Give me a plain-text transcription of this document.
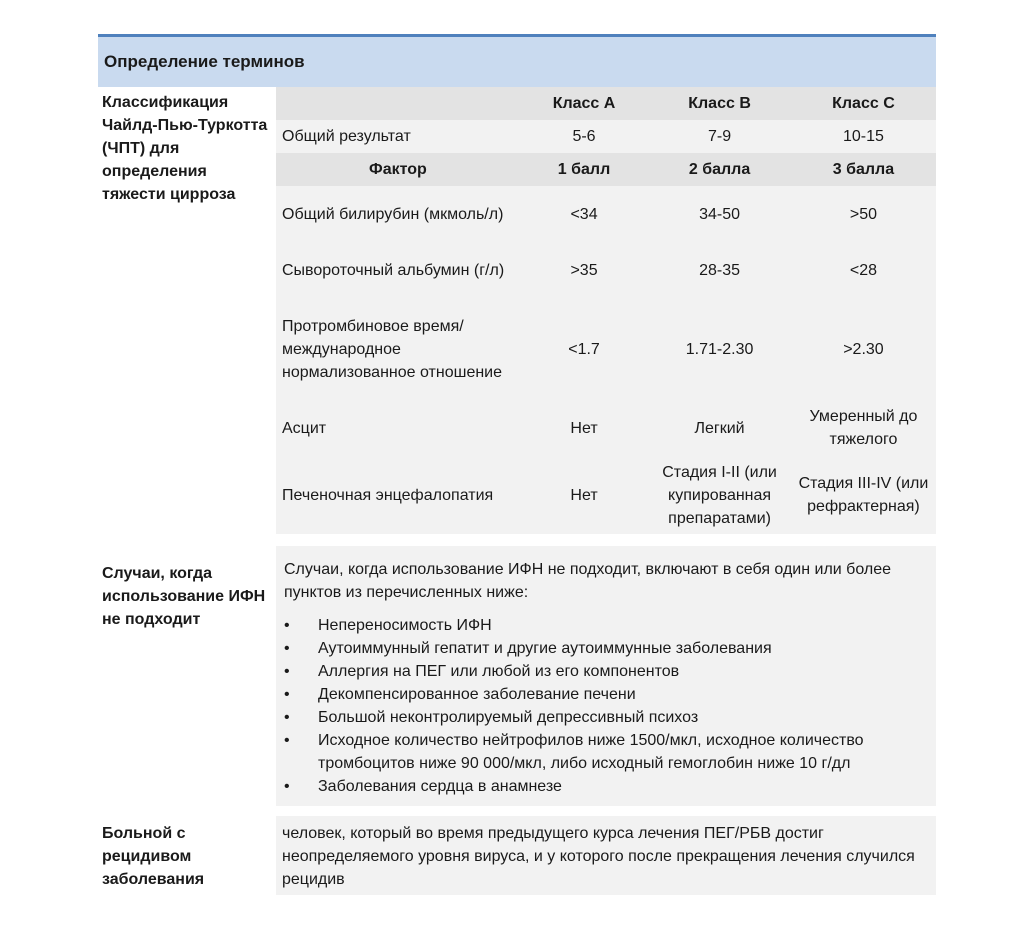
Определение терминов
Классификация Чайлд-Пью-Туркотта (ЧПТ) для определения тяжести цирроза
	Класс A	Класс B	Класс C
Общий результат	5-6	7-9	10-15
Фактор	1 балл	2 балла	3 балла
Общий билирубин (мкмоль/л)	<34	34-50	>50
Сывороточный альбумин (г/л)	>35	28-35	<28
Протромбиновое время/ международное нормализованное отношение	<1.7	1.71-2.30	>2.30
Асцит	Нет	Легкий	Умеренный до тяжелого
Печеночная энцефалопатия	Нет	Стадия I-II (или купированная препаратами)	Стадия III-IV (или рефрактерная)
Случаи, когда использование ИФН не подходит
Случаи, когда использование ИФН не подходит, включают в себя один или более пунктов из перечисленных ниже:
•	Непереносимость ИФН
•	Аутоиммунный гепатит и другие аутоиммунные заболевания
•	Аллергия на ПЕГ или любой из его компонентов
•	Декомпенсированное заболевание печени
•	Большой неконтролируемый депрессивный психоз
•	Исходное количество нейтрофилов ниже 1500/мкл, исходное количество тромбоцитов ниже 90 000/мкл, либо исходный гемоглобин ниже 10 г/дл
•	Заболевания сердца в анамнезе
Больной с рецидивом заболевания
человек, который во время предыдущего курса лечения ПЕГ/РБВ достиг неопределяемого уровня вируса, и у которого после прекращения лечения случился рецидив
